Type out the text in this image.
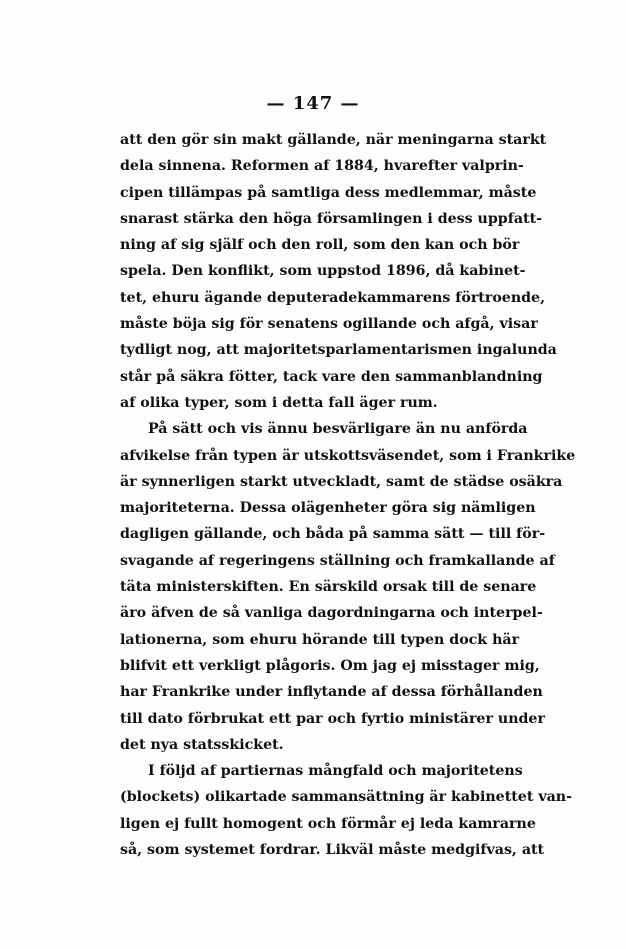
— 147 —
att den gör sin makt gällande, när meningarna starkt
dela sinnena. Reformen af 1884, hvarefter valprin-
cipen tillämpas på samtliga dess medlemmar, måste
snarast stärka den höga församlingen i dess uppfatt-
ning af sig själf och den roll, som den kan och bör
spela. Den konflikt, som uppstod 1896, då kabinet-
tet, ehuru ägande deputeradekammarens förtroende,
måste böja sig för senatens ogillande och afgå, visar
tydligt nog, att majoritetsparlamentarismen ingalunda
står på säkra fötter, tack vare den sammanblandning
af olika typer, som i detta fall äger rum.
På sätt och vis ännu besvärligare än nu anförda
afvikelse från typen är utskottsväsendet, som i Frankrike
är synnerligen starkt utveckladt, samt de städse osäkra
majoriteterna. Dessa olägenheter göra sig nämligen
dagligen gällande, och båda på samma sätt — till för-
svagande af regeringens ställning och framkallande af
täta ministerskiften. En särskild orsak till de senare
äro äfven de så vanliga dagordningarna och interpel-
lationerna, som ehuru hörande till typen dock här
blifvit ett verkligt plågoris. Om jag ej misstager mig,
har Frankrike under inflytande af dessa förhållanden
till dato förbrukat ett par och fyrtio ministärer under
det nya statsskicket.
I följd af partiernas mångfald och majoritetens
(blockets) olikartade sammansättning är kabinettet van-
ligen ej fullt homogent och förmår ej leda kamrarne
så, som systemet fordrar. Likväl måste medgifvas, att
